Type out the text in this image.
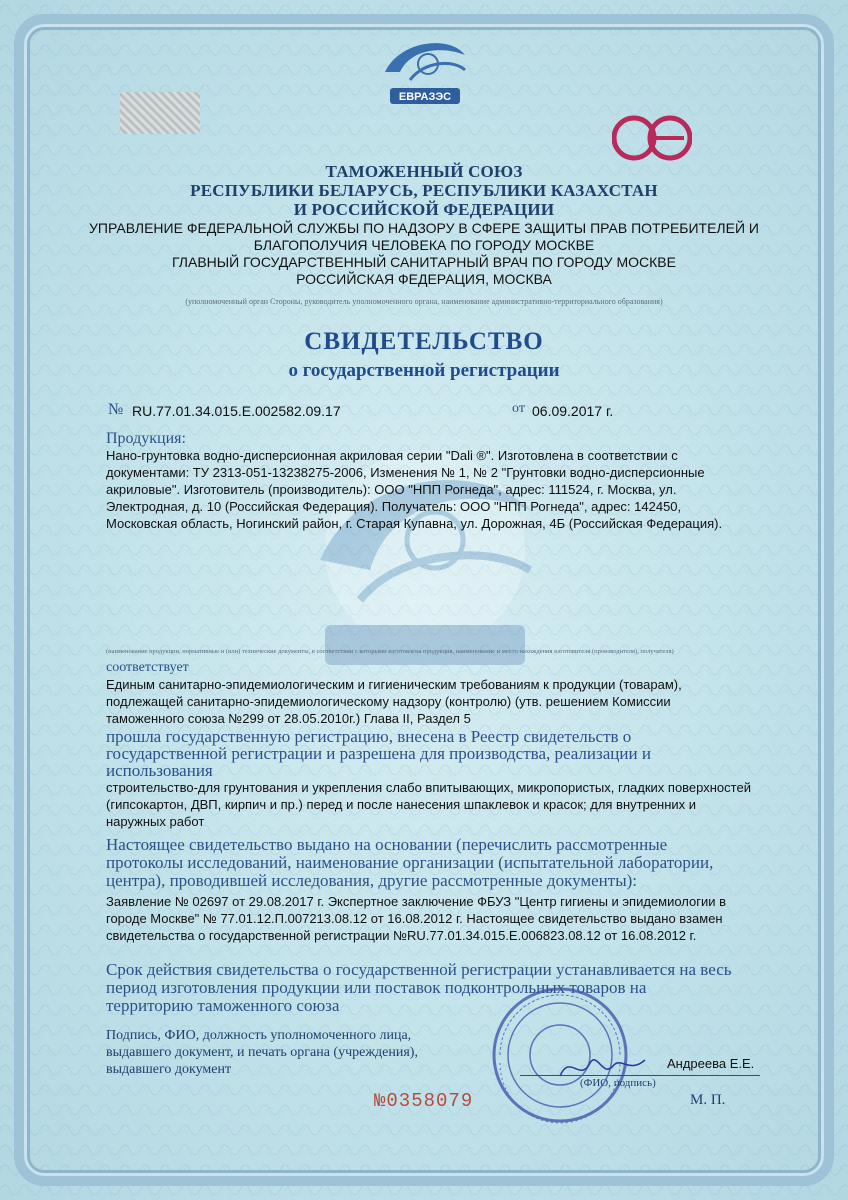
ЕВРАЗЭС
ТАМОЖЕННЫЙ СОЮЗ
РЕСПУБЛИКИ БЕЛАРУСЬ, РЕСПУБЛИКИ КАЗАХСТАН
И РОССИЙСКОЙ ФЕДЕРАЦИИ
УПРАВЛЕНИЕ ФЕДЕРАЛЬНОЙ СЛУЖБЫ ПО НАДЗОРУ В СФЕРЕ ЗАЩИТЫ ПРАВ ПОТРЕБИТЕЛЕЙ И
БЛАГОПОЛУЧИЯ ЧЕЛОВЕКА ПО ГОРОДУ МОСКВЕ
ГЛАВНЫЙ ГОСУДАРСТВЕННЫЙ САНИТАРНЫЙ ВРАЧ ПО ГОРОДУ МОСКВЕ
РОССИЙСКАЯ ФЕДЕРАЦИЯ, МОСКВА
(уполномоченный орган Стороны, руководитель уполномоченного органа, наименование административно-территориального образования)
СВИДЕТЕЛЬСТВО
о государственной регистрации
№ RU.77.01.34.015.Е.002582.09.17	от 06.09.2017 г.
Продукция:
Нано-грунтовка водно-дисперсионная акриловая серии "Dali ®". Изготовлена в соответствии с
документами: ТУ 2313-051-13238275-2006, Изменения № 1, № 2 "Грунтовки водно-дисперсионные
акриловые". Изготовитель (производитель): ООО "НПП Рогнеда", адрес: 111524, г. Москва, ул.
Электродная, д. 10 (Российская Федерация). Получатель: ООО "НПП Рогнеда", адрес: 142450,
Московская область, Ногинский район, г. Старая Купавна, ул. Дорожная, 4Б (Российская Федерация).
(наименование продукции, нормативные и (или) технические документы, в соответствии с которыми изготовлена продукция, наименование и место нахождения изготовителя (производителя), получателя)
соответствует
Единым санитарно-эпидемиологическим и гигиеническим требованиям к продукции (товарам),
подлежащей санитарно-эпидемиологическому надзору (контролю) (утв. решением Комиссии
таможенного союза №299 от 28.05.2010г.) Глава II, Раздел 5
прошла государственную регистрацию, внесена в Реестр свидетельств о
государственной регистрации и разрешена для производства, реализации и
использования
строительство-для грунтования и укрепления слабо впитывающих, микропористых, гладких поверхностей
(гипсокартон, ДВП, кирпич и пр.) перед и после нанесения шпаклевок и красок; для внутренних и
наружных работ
Настоящее свидетельство выдано на основании (перечислить рассмотренные
протоколы исследований, наименование организации (испытательной лаборатории,
центра), проводившей исследования, другие рассмотренные документы):
Заявление № 02697 от 29.08.2017 г. Экспертное заключение ФБУЗ "Центр гигиены и эпидемиологии в
городе Москве" № 77.01.12.П.007213.08.12 от 16.08.2012 г. Настоящее свидетельство выдано взамен
свидетельства о государственной регистрации №RU.77.01.34.015.Е.006823.08.12 от 16.08.2012 г.
Срок действия свидетельства о государственной регистрации устанавливается на весь
период изготовления продукции или поставок подконтрольных товаров на
территорию таможенного союза
Подпись, ФИО, должность уполномоченного лица,
выдавшего документ, и печать органа (учреждения),
выдавшего документ	Андреева Е.Е.
(ФИО, подпись)
М. П.
№0358079
